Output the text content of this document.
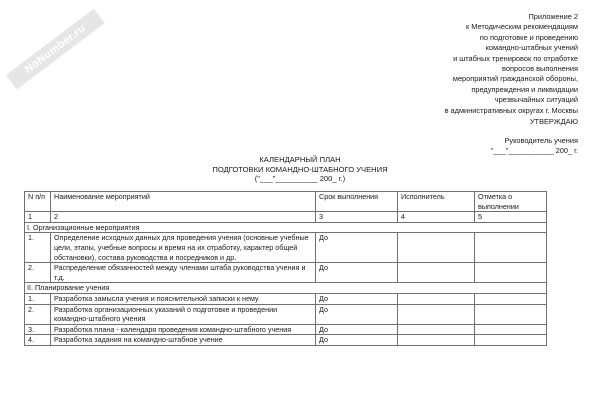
NoNumber.ru
Приложение 2
к Методическим рекомендациям
по подготовке и проведению
командно-штабных учений
и штабных тренировок по отработке
вопросов выполнения
мероприятий гражданской обороны,
предупреждения и ликвидации
чрезвычайных ситуаций
в административных округах г. Москвы
УТВЕРЖДАЮ
Руководитель учения
"___"___________ 200_ г.
КАЛЕНДАРНЫЙ ПЛАН
ПОДГОТОВКИ КОМАНДНО-ШТАБНОГО УЧЕНИЯ
("___"__________ 200_ г.)
N п/п	Наименование мероприятий	Срок выполнения	Исполнитель	Отметка о выполнении
1	2	3	4	5
I. Организационные мероприятия				
1.	Определение исходных данных для проведения учения (основные учебные цели, этапы, учебные вопросы и время на их отработку, характер общей обстановки), состава руководства и посредников и др.	До		
2.	Распределение обязанностей между членами штаба руководства учения и т.д.	До		
II. Планирование учения				
1.	Разработка замысла учения и пояснительной записки к нему	До		
2.	Разработка организационных указаний о подготовке и проведении командно-штабного учения	До		
3.	Разработка плана - календаря проведения командно-штабного учения	До		
4.	Разработка задания на командно-штабное учение	До		
